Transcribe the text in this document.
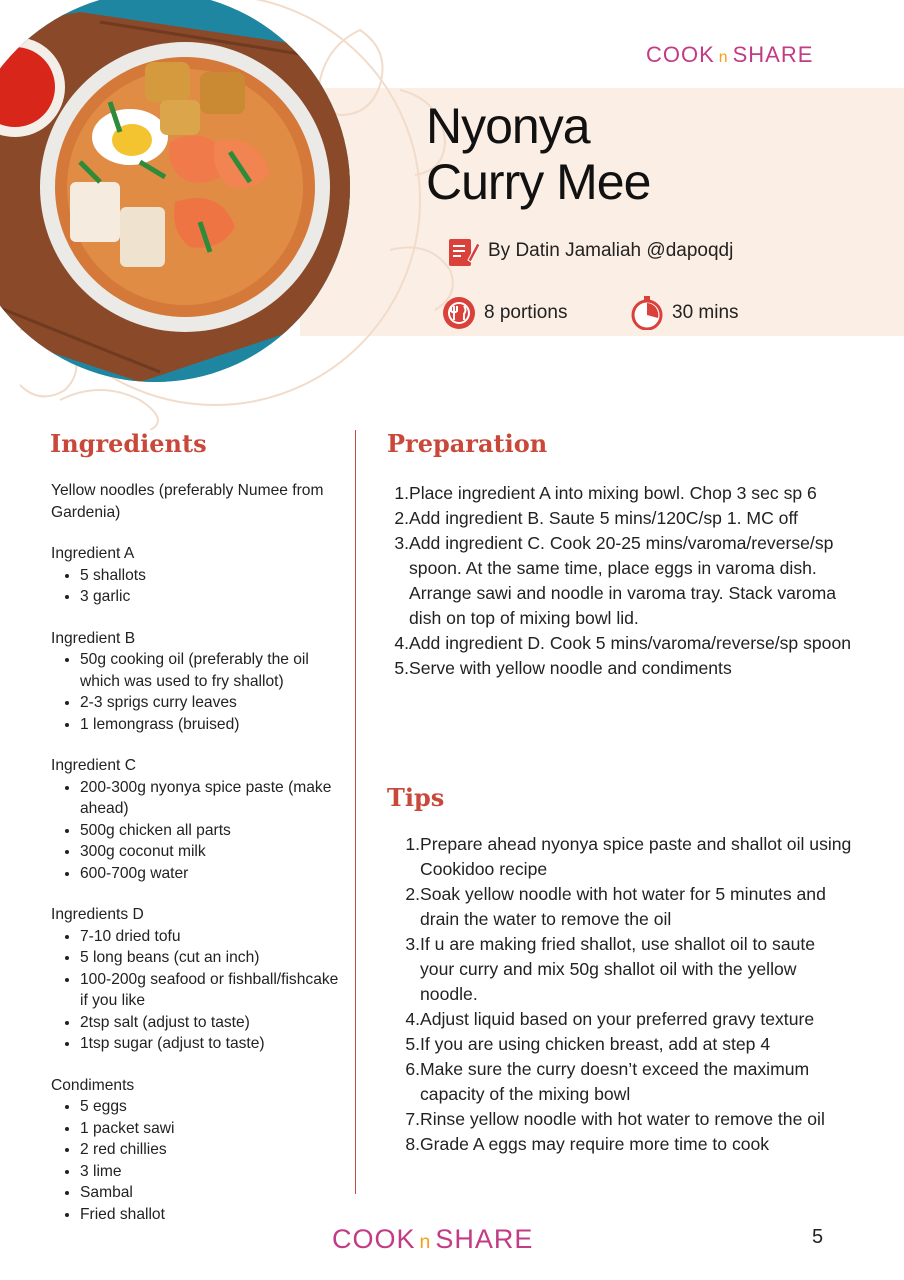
COOK n SHARE
Nyonya
Curry Mee
By Datin Jamaliah @dapoqdj
8 portions	30 mins
Ingredients
Yellow noodles (preferably Numee from Gardenia)
Ingredient A
• 5 shallots
• 3 garlic
Ingredient B
• 50g cooking oil (preferably the oil which was used to fry shallot)
• 2-3 sprigs curry leaves
• 1 lemongrass (bruised)
Ingredient C
• 200-300g nyonya spice paste (make ahead)
• 500g chicken all parts
• 300g coconut milk
• 600-700g water
Ingredients D
• 7-10 dried tofu
• 5 long beans (cut an inch)
• 100-200g seafood or fishball/fishcake if you like
• 2tsp salt (adjust to taste)
• 1tsp sugar (adjust to taste)
Condiments
• 5 eggs
• 1 packet sawi
• 2 red chillies
• 3 lime
• Sambal
• Fried shallot
Preparation
1. Place ingredient A into mixing bowl. Chop 3 sec sp 6
2. Add ingredient B. Saute 5 mins/120C/sp 1. MC off
3. Add ingredient C. Cook 20-25 mins/varoma/reverse/sp spoon. At the same time, place eggs in varoma dish. Arrange sawi and noodle in varoma tray. Stack varoma dish on top of mixing bowl lid.
4. Add ingredient D. Cook 5 mins/varoma/reverse/sp spoon
5. Serve with yellow noodle and condiments
Tips
1. Prepare ahead nyonya spice paste and shallot oil using Cookidoo recipe
2. Soak yellow noodle with hot water for 5 minutes and drain the water to remove the oil
3. If u are making fried shallot, use shallot oil to saute your curry and mix 50g shallot oil with the yellow noodle.
4. Adjust liquid based on your preferred gravy texture
5. If you are using chicken breast, add at step 4
6. Make sure the curry doesn’t exceed the maximum capacity of the mixing bowl
7. Rinse yellow noodle with hot water to remove the oil
8. Grade A eggs may require more time to cook
COOK n SHARE	5
